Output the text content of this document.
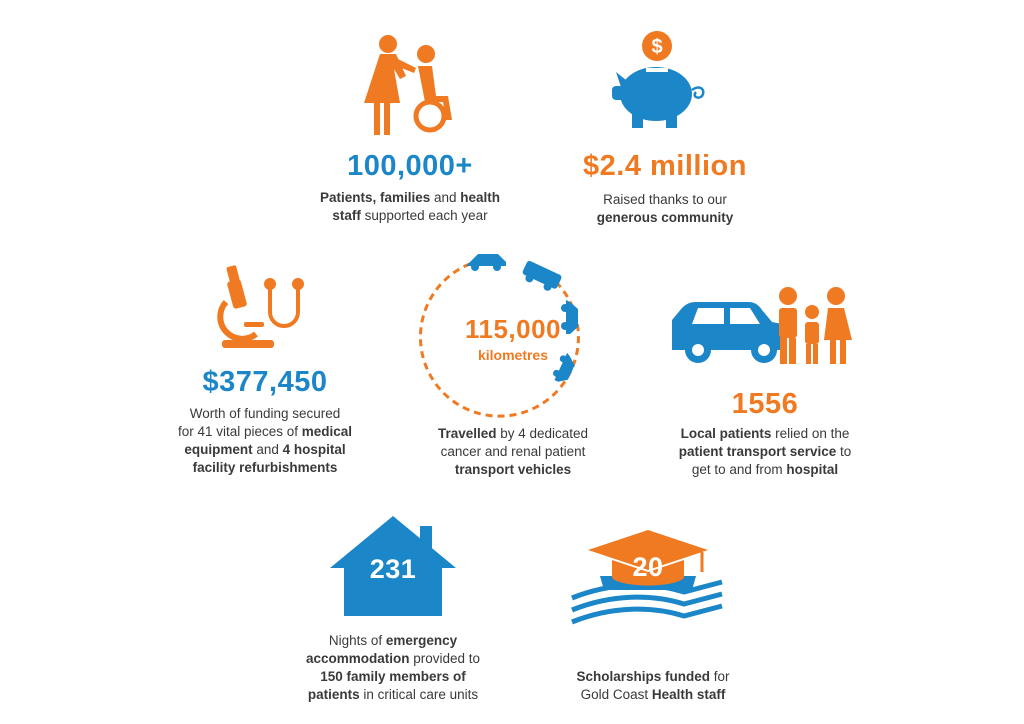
100,000+
Patients, families and health
staff supported each year
$
$2.4 million
Raised thanks to our
generous community
$377,450
Worth of funding secured
for 41 vital pieces of medical
equipment and 4 hospital
facility refurbishments
115,000
kilometres
Travelled by 4 dedicated
cancer and renal patient
transport vehicles
1556
Local patients relied on the
patient transport service to
get to and from hospital
231
Nights of emergency
accommodation provided to
150 family members of
patients in critical care units
20
Scholarships funded for
Gold Coast Health staff
